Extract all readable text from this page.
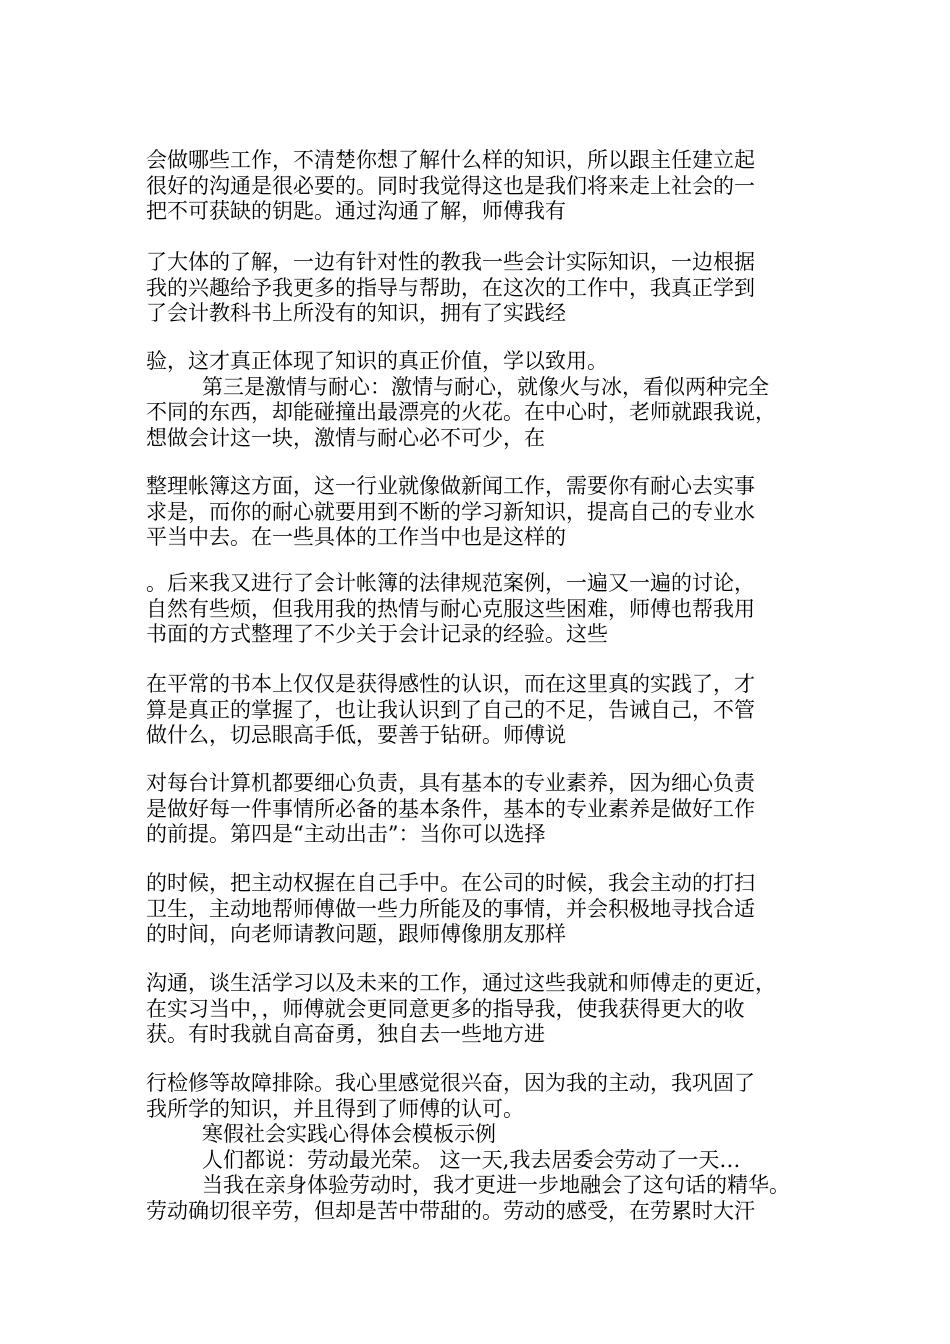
会做哪些工作，不清楚你想了解什么样的知识，所以跟主任建立起
很好的沟通是很必要的。同时我觉得这也是我们将来走上社会的一
把不可获缺的钥匙。通过沟通了解，师傅我有

了大体的了解，一边有针对性的教我一些会计实际知识，一边根据
我的兴趣给予我更多的指导与帮助，在这次的工作中，我真正学到
了会计教科书上所没有的知识，拥有了实践经

验，这才真正体现了知识的真正价值，学以致用。
第三是激情与耐心：激情与耐心，就像火与冰，看似两种完全
不同的东西，却能碰撞出最漂亮的火花。在中心时，老师就跟我说，
想做会计这一块，激情与耐心必不可少，在

整理帐簿这方面，这一行业就像做新闻工作，需要你有耐心去实事
求是，而你的耐心就要用到不断的学习新知识，提高自己的专业水
平当中去。在一些具体的工作当中也是这样的

。后来我又进行了会计帐簿的法律规范案例，一遍又一遍的讨论，
自然有些烦，但我用我的热情与耐心克服这些困难，师傅也帮我用
书面的方式整理了不少关于会计记录的经验。这些

在平常的书本上仅仅是获得感性的认识，而在这里真的实践了，才
算是真正的掌握了，也让我认识到了自己的不足，告诫自己，不管
做什么，切忌眼高手低，要善于钻研。师傅说

对每台计算机都要细心负责，具有基本的专业素养，因为细心负责
是做好每一件事情所必备的基本条件，基本的专业素养是做好工作
的前提。第四是“主动出击”：当你可以选择

的时候，把主动权握在自己手中。在公司的时候，我会主动的打扫
卫生，主动地帮师傅做一些力所能及的事情，并会积极地寻找合适
的时间，向老师请教问题，跟师傅像朋友那样

沟通，谈生活学习以及未来的工作，通过这些我就和师傅走的更近，
在实习当中，，师傅就会更同意更多的指导我，使我获得更大的收
获。有时我就自高奋勇，独自去一些地方进

行检修等故障排除。我心里感觉很兴奋，因为我的主动，我巩固了
我所学的知识，并且得到了师傅的认可。
寒假社会实践心得体会模板示例
人们都说：劳动最光荣。 这一天,我去居委会劳动了一天…
当我在亲身体验劳动时，我才更进一步地融会了这句话的精华。
劳动确切很辛劳，但却是苦中带甜的。劳动的感受，在劳累时大汗
